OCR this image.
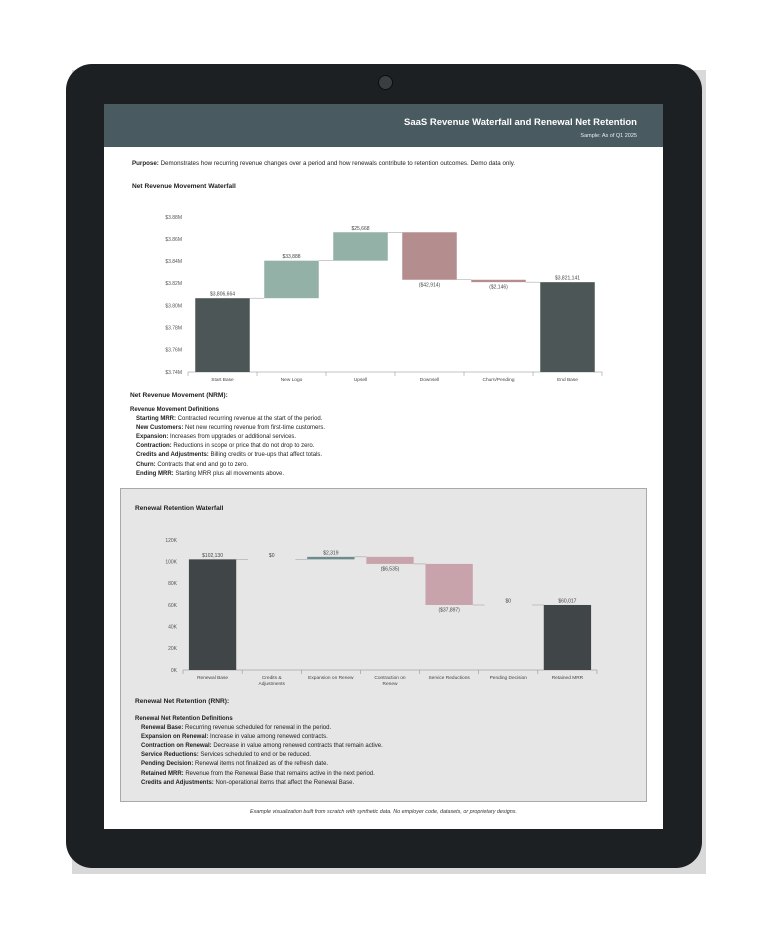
SaaS Revenue Waterfall and Renewal Net Retention
Sample: As of Q1 2025
Purpose: Demonstrates how recurring revenue changes over a period and how renewals contribute to retention outcomes. Demo data only.
Net Revenue Movement Waterfall
$3.74M
$3.76M
$3.78M
$3.80M
$3.82M
$3.84M
$3.86M
$3.88M
$3,806,664
Start Base
$33,888
New Logo
$25,668
Upsell
($42,914)
Downsell
($2,146)
Churn/Pending
$3,821,141
End Base
Net Revenue Movement (NRM):
Revenue Movement Definitions
Starting MRR: Contracted recurring revenue at the start of the period.
New Customers: Net new recurring revenue from first-time customers.
Expansion: Increases from upgrades or additional services.
Contraction: Reductions in scope or price that do not drop to zero.
Credits and Adjustments: Billing credits or true-ups that affect totals.
Churn: Contracts that end and go to zero.
Ending MRR: Starting MRR plus all movements above.
Renewal Retention Waterfall
0K
20K
40K
60K
80K
100K
120K
$102,130
Renewal Base
$0
Credits &
Adjustments
$2,319
Expansion on Renew
($6,535)
Contraction on
Renew
($37,897)
Service Reductions
$0
Pending Decision
$60,017
Retained MRR
Renewal Net Retention (RNR):
Renewal Net Retention Definitions
Renewal Base: Recurring revenue scheduled for renewal in the period.
Expansion on Renewal: Increase in value among renewed contracts.
Contraction on Renewal: Decrease in value among renewed contracts that remain active.
Service Reductions: Services scheduled to end or be reduced.
Pending Decision: Renewal items not finalized as of the refresh date.
Retained MRR: Revenue from the Renewal Base that remains active in the next period.
Credits and Adjustments: Non-operational items that affect the Renewal Base.
Example visualization built from scratch with synthetic data. No employer code, datasets, or proprietary designs.
